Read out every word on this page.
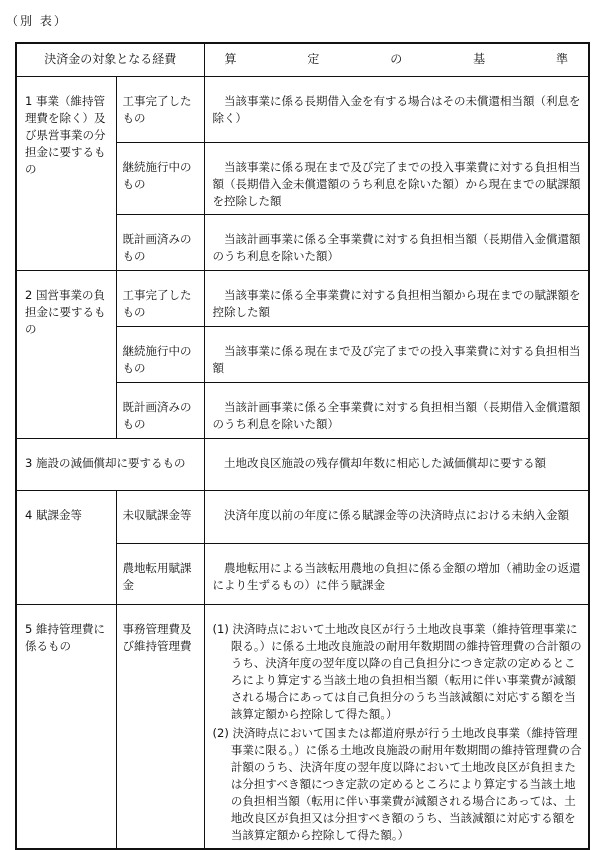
（別 表）
決済金の対象となる経費		算 定 の 基 準

1 事業（維持管理費を除く）及び県営事業の分担金に要するもの	工事完了したもの	当該事業に係る長期借入金を有する場合はその未償還相当額（利息を除く）

	継続施行中のもの	当該事業に係る現在まで及び完了までの投入事業費に対する負担相当額（長期借入金未償還額のうち利息を除いた額）から現在までの賦課額を控除した額

	既計画済みのもの	当該計画事業に係る全事業費に対する負担相当額（長期借入金償還額のうち利息を除いた額）

2 国営事業の負担金に要するもの	工事完了したもの	当該事業に係る全事業費に対する負担相当額から現在までの賦課額を控除した額

	継続施行中のもの	当該事業に係る現在まで及び完了までの投入事業費に対する負担相当額

	既計画済みのもの	当該計画事業に係る全事業費に対する負担相当額（長期借入金償還額のうち利息を除いた額）

3 施設の減価償却に要するもの		土地改良区施設の残存償却年数に相応した減価償却に要する額

4 賦課金等	未収賦課金等	決済年度以前の年度に係る賦課金等の決済時点における未納入金額

	農地転用賦課金	農地転用による当該転用農地の負担に係る金額の増加（補助金の返還により生ずるもの）に伴う賦課金

5 維持管理費に係るもの	事務管理費及び維持管理費	(1) 決済時点において土地改良区が行う土地改良事業（維持管理事業に限る。）に係る土地改良施設の耐用年数期間の維持管理費の合計額のうち、決済年度の翌年度以降の自己負担分につき定款の定めるところにより算定する当該土地の負担相当額（転用に伴い事業費が減額される場合にあっては自己負担分のうち当該減額に対応する額を当該算定額から控除して得た額。）
(2) 決済時点において国または都道府県が行う土地改良事業（維持管理事業に限る。）に係る土地改良施設の耐用年数期間の維持管理費の合計額のうち、決済年度の翌年度以降において土地改良区が負担または分担すべき額につき定款の定めるところにより算定する当該土地の負担相当額（転用に伴い事業費が減額される場合にあっては、土地改良区が負担又は分担すべき額のうち、当該減額に対応する額を当該算定額から控除して得た額。）
